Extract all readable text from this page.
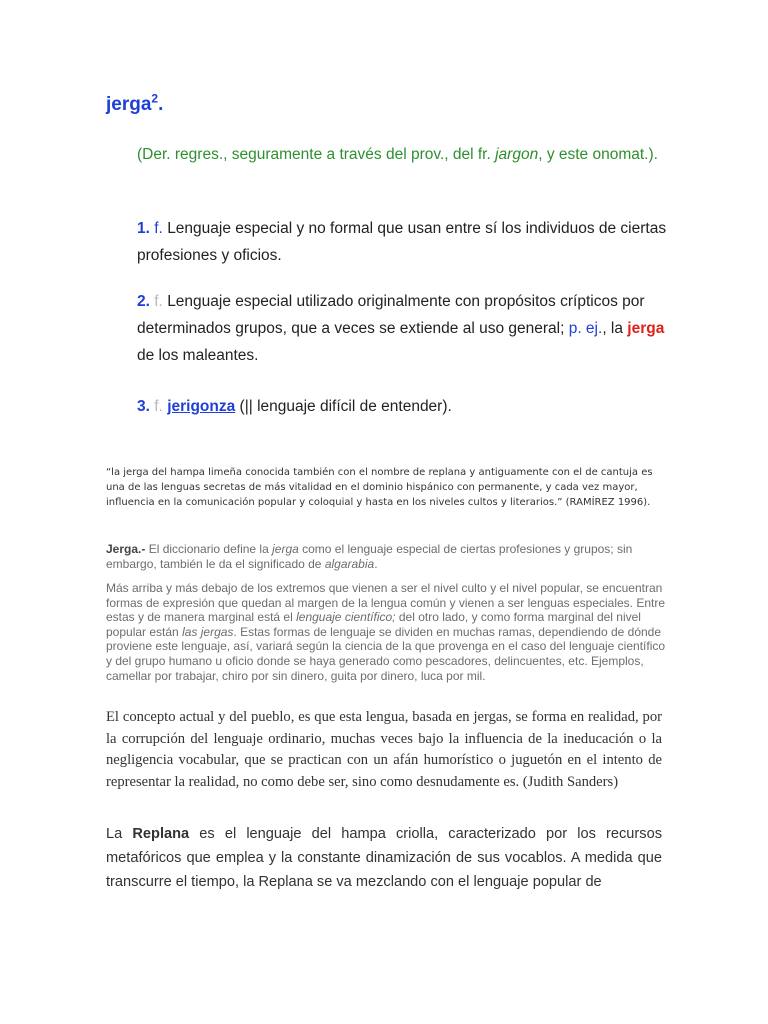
jerga$^2$.
(Der. regres., seguramente a través del prov., del fr. jargon, y este onomat.).
1. f. Lenguaje especial y no formal que usan entre sí los individuos de ciertas profesiones y oficios.
2. f. Lenguaje especial utilizado originalmente con propósitos crípticos por determinados grupos, que a veces se extiende al uso general; p. ej., la jerga de los maleantes.
3. f. jerigonza (|| lenguaje difícil de entender).
“la jerga del hampa limeña conocida también con el nombre de replana y antiguamente con el de cantuja es una de las lenguas secretas de más vitalidad en el dominio hispánico con permanente, y cada vez mayor, influencia en la comunicación popular y coloquial y hasta en los niveles cultos y literarios.” (RAMÍREZ 1996).
Jerga.- El diccionario define la jerga como el lenguaje especial de ciertas profesiones y grupos; sin embargo, también le da el significado de algarabia.
Más arriba y más debajo de los extremos que vienen a ser el nivel culto y el nivel popular, se encuentran formas de expresión que quedan al margen de la lengua común y vienen a ser lenguas especiales. Entre estas y de manera marginal está el lenguaje científico; del otro lado, y como forma marginal del nivel popular están las jergas. Estas formas de lenguaje se dividen en muchas ramas, dependiendo de dónde proviene este lenguaje, así, variará según la ciencia de la que provenga en el caso del lenguaje científico y del grupo humano u oficio donde se haya generado como pescadores, delincuentes, etc. Ejemplos, camellar por trabajar, chiro por sin dinero, guita por dinero, luca por mil.
El concepto actual y del pueblo, es que esta lengua, basada en jergas, se forma en realidad, por la corrupción del lenguaje ordinario, muchas veces bajo la influencia de la ineducación o la negligencia vocabular, que se practican con un afán humorístico o juguetón en el intento de representar la realidad, no como debe ser, sino como desnudamente es. (Judith Sanders)
La Replana es el lenguaje del hampa criolla, caracterizado por los recursos metafóricos que emplea y la constante dinamización de sus vocablos. A medida que transcurre el tiempo, la Replana se va mezclando con el lenguaje popular de
